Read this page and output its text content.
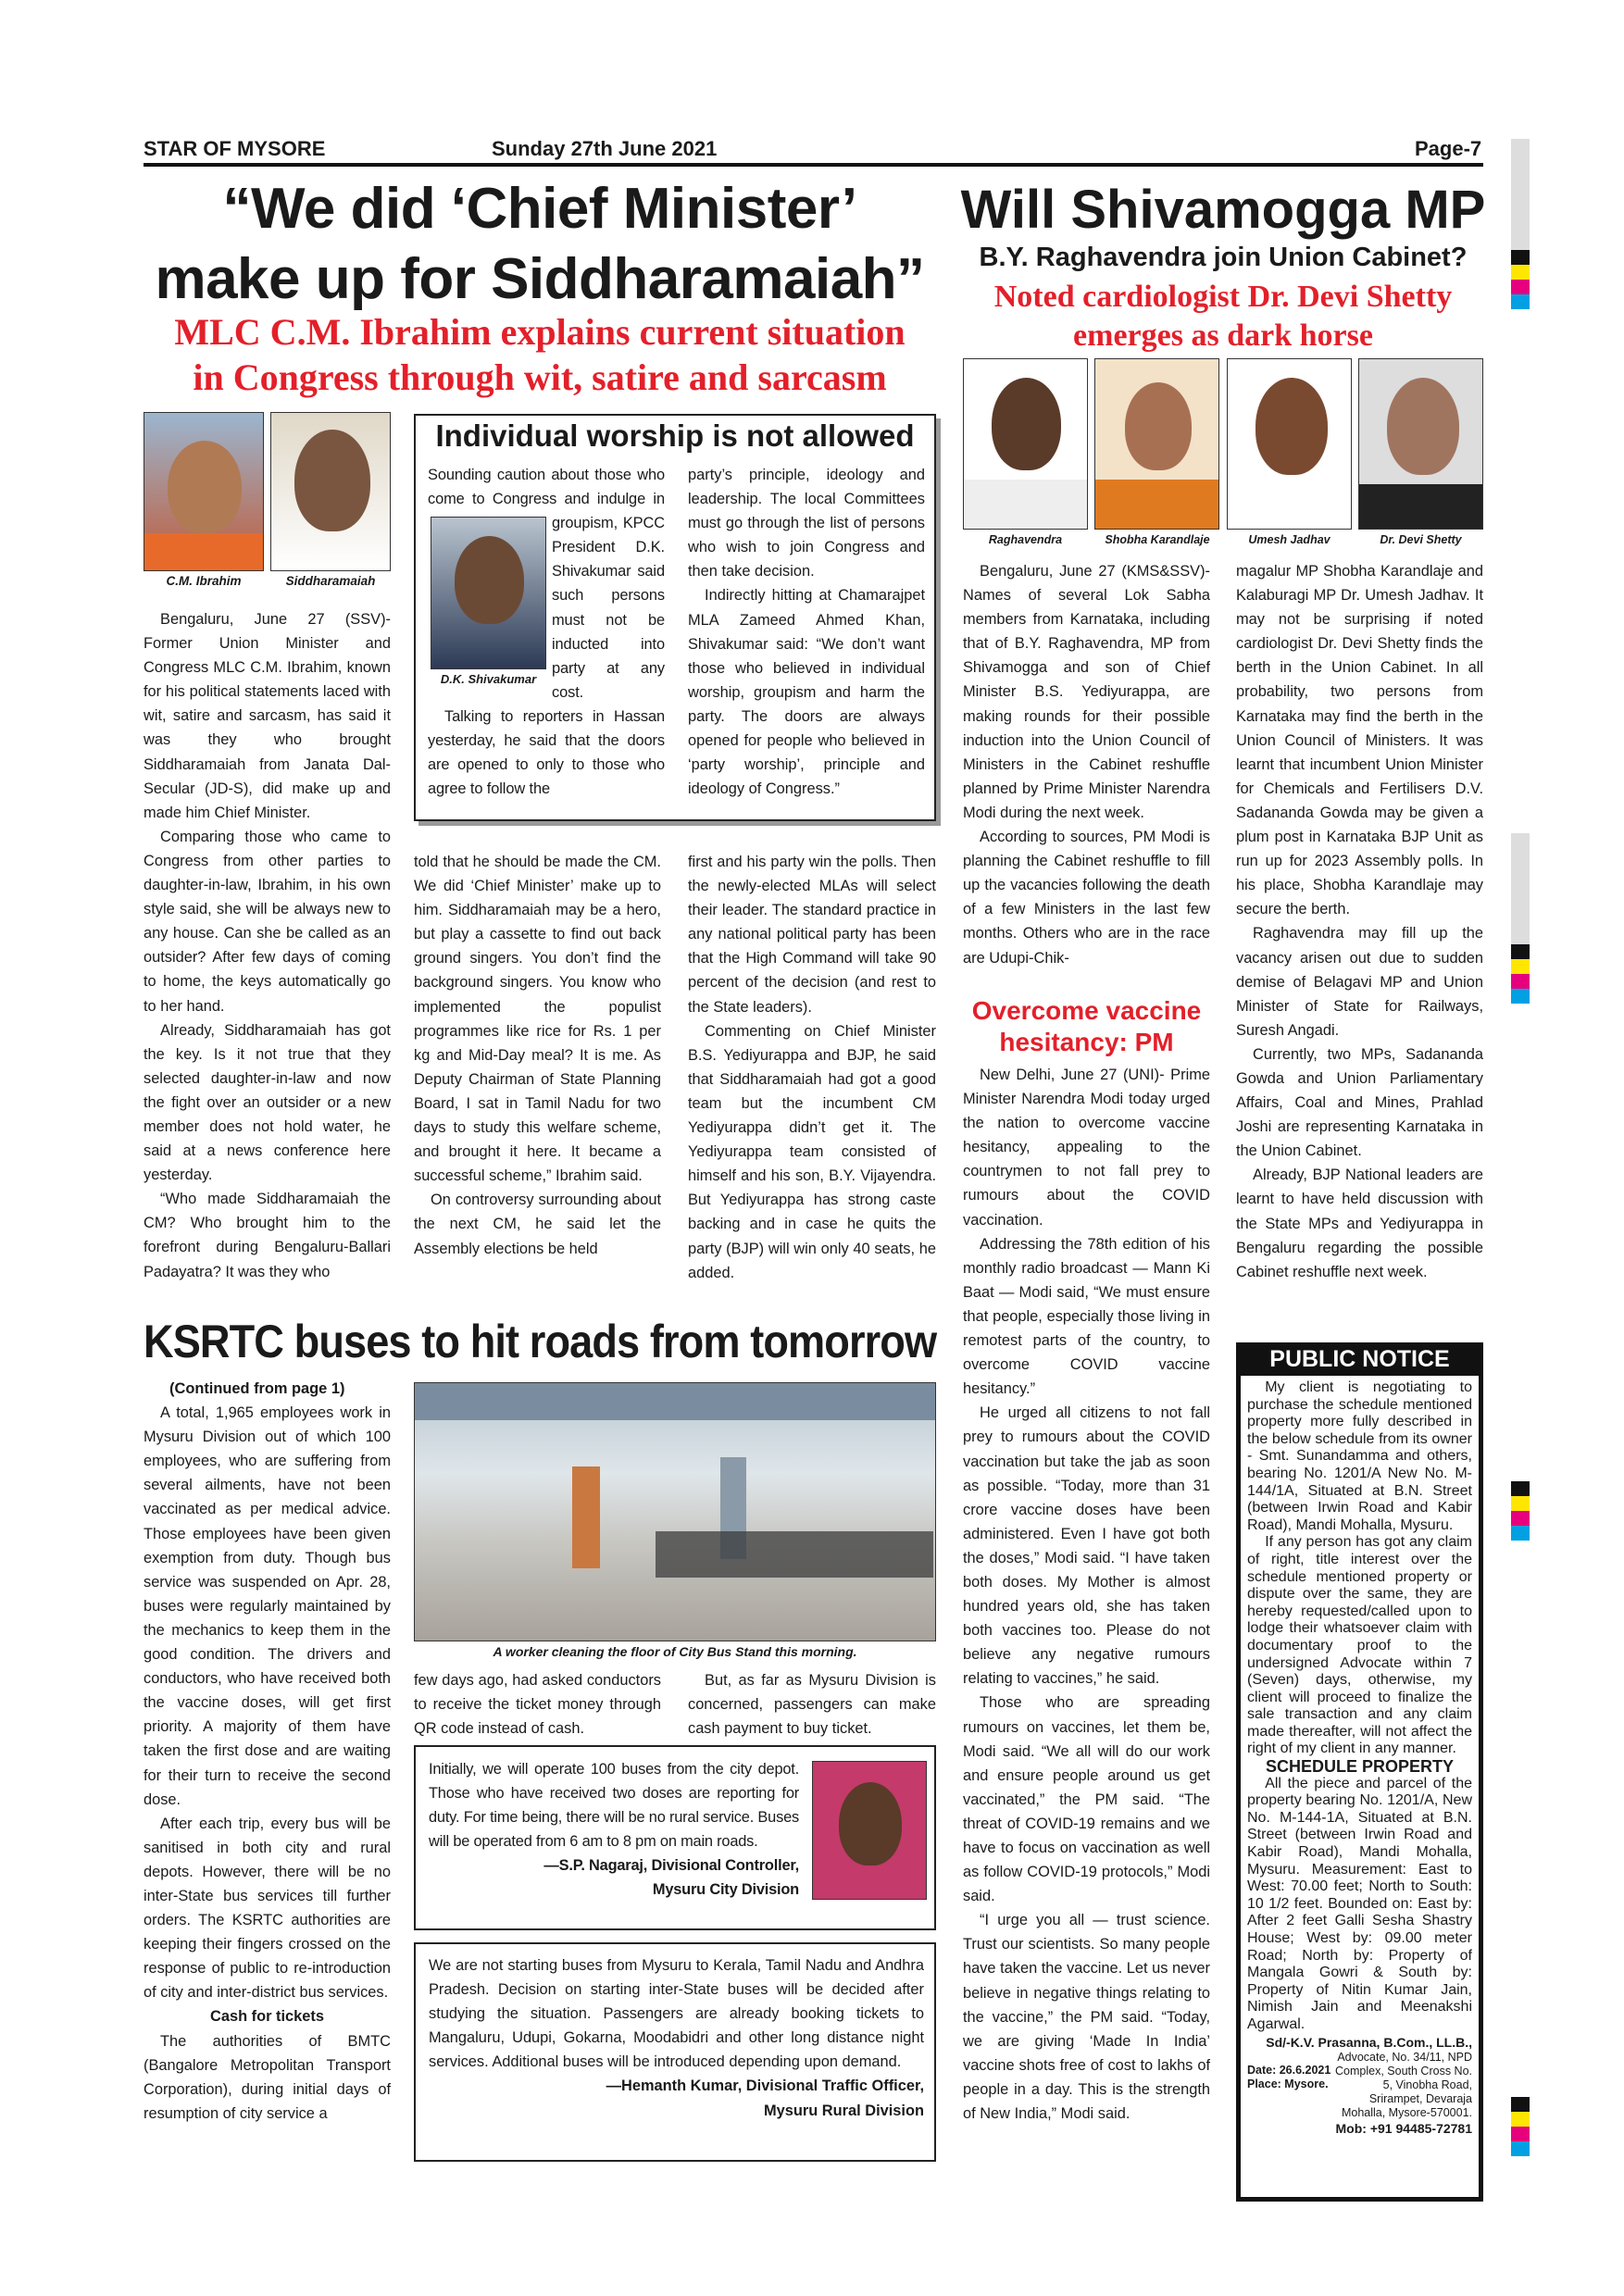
STAR OF MYSORE	Sunday 27th June 2021	Page-7
“We did ‘Chief Minister’
make up for Siddharamaiah”
MLC C.M. Ibrahim explains current situation
in Congress through wit, satire and sarcasm
C.M. Ibrahim	Siddharamaiah

Bengaluru, June 27 (SSV)- Former Union Minister and Congress MLC C.M. Ibrahim, known for his political statements laced with wit, satire and sarcasm, has said it was they who brought Siddharamaiah from Janata Dal-Secular (JD-S), did make up and made him Chief Minister.

Comparing those who came to Congress from other parties to daughter-in-law, Ibrahim, in his own style said, she will be always new to any house. Can she be called as an outsider? After few days of coming to home, the keys automatically go to her hand.

Already, Siddharamaiah has got the key. Is it not true that they selected daughter-in-law and now the fight over an outsider or a new member does not hold water, he said at a news conference here yesterday.

“Who made Siddharamaiah the CM? Who brought him to the forefront during Bengaluru-Ballari Padayatra? It was they who

told that he should be made the CM. We did ‘Chief Minister’ make up to him. Siddharamaiah may be a hero, but play a cassette to find out back ground singers. You don’t find the background singers. You know who implemented the populist programmes like rice for Rs. 1 per kg and Mid-Day meal? It is me. As Deputy Chairman of State Planning Board, I sat in Tamil Nadu for two days to study this welfare scheme, and brought it here. It became a successful scheme,” Ibrahim said.

On controversy surrounding about the next CM, he said let the Assembly elections be held

first and his party win the polls. Then the newly-elected MLAs will select their leader. The standard practice in any national political party has been that the High Command will take 90 percent of the decision (and rest to the State leaders).

Commenting on Chief Minister B.S. Yediyurappa and BJP, he said that Siddharamaiah had got a good team but the incumbent CM Yediyurappa didn’t get it. The Yediyurappa team consisted of himself and his son, B.Y. Vijayendra. But Yediyurappa has strong caste backing and in case he quits the party (BJP) will win only 40 seats, he added.

Individual worship is not allowed
D.K. Shivakumar

Sounding caution about those who come to Congress and indulge in groupism, KPCC President D.K. Shivakumar said such persons must not be inducted into party at any cost.

Talking to reporters in Hassan yesterday, he said that the doors are opened to only to those who agree to follow the

party’s principle, ideology and leadership. The local Committees must go through the list of persons who wish to join Congress and then take decision.

Indirectly hitting at Chamarajpet MLA Zameed Ahmed Khan, Shivakumar said: “We don’t want those who believed in individual worship, groupism and harm the party. The doors are always opened for people who believed in ‘party worship’, principle and ideology of Congress.”

Will Shivamogga MP
B.Y. Raghavendra join Union Cabinet?
Noted cardiologist Dr. Devi Shetty
emerges as dark horse
Raghavendra	Shobha Karandlaje	Umesh Jadhav	Dr. Devi Shetty

Bengaluru, June 27 (KMS&SSV)- Names of several Lok Sabha members from Karnataka, including that of B.Y. Raghavendra, MP from Shivamogga and son of Chief Minister B.S. Yediyurappa, are making rounds for their possible induction into the Union Council of Ministers in the Cabinet reshuffle planned by Prime Minister Narendra Modi during the next week.

According to sources, PM Modi is planning the Cabinet reshuffle to fill up the vacancies following the death of a few Ministers in the last few months. Others who are in the race are Udupi-Chik-

magalur MP Shobha Karandlaje and Kalaburagi MP Dr. Umesh Jadhav. It may not be surprising if noted cardiologist Dr. Devi Shetty finds the berth in the Union Cabinet. In all probability, two persons from Karnataka may find the berth in the Union Council of Ministers. It was learnt that incumbent Union Minister for Chemicals and Fertilisers D.V. Sadananda Gowda may be given a plum post in Karnataka BJP Unit as run up for 2023 Assembly polls. In his place, Shobha Karandlaje may secure the berth.

Raghavendra may fill up the vacancy arisen out due to sudden demise of Belagavi MP and Union Minister of State for Railways, Suresh Angadi.

Currently, two MPs, Sadananda Gowda and Union Parliamentary Affairs, Coal and Mines, Prahlad Joshi are representing Karnataka in the Union Cabinet.

Already, BJP National leaders are learnt to have held discussion with the State MPs and Yediyurappa in Bengaluru regarding the possible Cabinet reshuffle next week.

Overcome vaccine hesitancy: PM

New Delhi, June 27 (UNI)- Prime Minister Narendra Modi today urged the nation to overcome vaccine hesitancy, appealing to the countrymen to not fall prey to rumours about the COVID vaccination.

Addressing the 78th edition of his monthly radio broadcast — Mann Ki Baat — Modi said, “We must ensure that people, especially those living in remotest parts of the country, to overcome COVID vaccine hesitancy.”

He urged all citizens to not fall prey to rumours about the COVID vaccination but take the jab as soon as possible. “Today, more than 31 crore vaccine doses have been administered. Even I have got both the doses,” Modi said. “I have taken both doses. My Mother is almost hundred years old, she has taken both vaccines too. Please do not believe any negative rumours relating to vaccines,” he said.

Those who are spreading rumours on vaccines, let them be, Modi said. “We all will do our work and ensure people around us get vaccinated,” the PM said. “The threat of COVID-19 remains and we have to focus on vaccination as well as follow COVID-19 protocols,” Modi said.

“I urge you all — trust science. Trust our scientists. So many people have taken the vaccine. Let us never believe in negative things relating to the vaccine,” the PM said. “Today, we are giving ‘Made In India’ vaccine shots free of cost to lakhs of people in a day. This is the strength of New India,” Modi said.

KSRTC buses to hit roads from tomorrow

(Continued from page 1)

A total, 1,965 employees work in Mysuru Division out of which 100 employees, who are suffering from several ailments, have not been vaccinated as per medical advice. Those employees have been given exemption from duty. Though bus service was suspended on Apr. 28, buses were regularly maintained by the mechanics to keep them in the good condition. The drivers and conductors, who have received both the vaccine doses, will get first priority. A majority of them have taken the first dose and are waiting for their turn to receive the second dose.

After each trip, every bus will be sanitised in both city and rural depots. However, there will be no inter-State bus services till further orders. The KSRTC authorities are keeping their fingers crossed on the response of public to re-introduction of city and inter-district bus services.

Cash for tickets

The authorities of BMTC (Bangalore Metropolitan Transport Corporation), during initial days of resumption of city service a

A worker cleaning the floor of City Bus Stand this morning.

few days ago, had asked conductors to receive the ticket money through QR code instead of cash.

But, as far as Mysuru Division is concerned, passengers can make cash payment to buy ticket.

Initially, we will operate 100 buses from the city depot. Those who have received two doses are reporting for duty. For time being, there will be no rural service. Buses will be operated from 6 am to 8 pm on main roads.

—S.P. Nagaraj, Divisional Controller,

Mysuru City Division

We are not starting buses from Mysuru to Kerala, Tamil Nadu and Andhra Pradesh. Decision on starting inter-State buses will be decided after studying the situation. Passengers are already booking tickets to Mangaluru, Udupi, Gokarna, Moodabidri and other long distance night services. Additional buses will be introduced depending upon demand.

—Hemanth Kumar, Divisional Traffic Officer,

Mysuru Rural Division

PUBLIC NOTICE

My client is negotiating to purchase the schedule mentioned property more fully described in the below schedule from its owner - Smt. Sunandamma and others, bearing No. 1201/A New No. M-144/1A, Situated at B.N. Street (between Irwin Road and Kabir Road), Mandi Mohalla, Mysuru.

If any person has got any claim of right, title interest over the schedule mentioned property or dispute over the same, they are hereby requested/called upon to lodge their whatsoever claim with documentary proof to the undersigned Advocate within 7 (Seven) days, otherwise, my client will proceed to finalize the sale transaction and any claim made thereafter, will not affect the right of my client in any manner.

SCHEDULE PROPERTY

All the piece and parcel of the property bearing No. 1201/A, New No. M-144-1A, Situated at B.N. Street (between Irwin Road and Kabir Road), Mandi Mohalla, Mysuru. Measurement: East to West: 70.00 feet; North to South: 10 1/2 feet. Bounded on: East by: After 2 feet Galli Sesha Shastry House; West by: 09.00 meter Road; North by: Property of Mangala Gowri & South by: Property of Nitin Kumar Jain, Nimish Jain and Meenakshi Agarwal.

Sd/-K.V. Prasanna, B.Com., LL.B.,

Date: 26.6.2021
Place: Mysore.
Advocate, No. 34/11, NPD Complex, South Cross No. 5, Vinobha Road, Srirampet, Devaraja Mohalla, Mysore-570001.

Mob: +91 94485-72781
